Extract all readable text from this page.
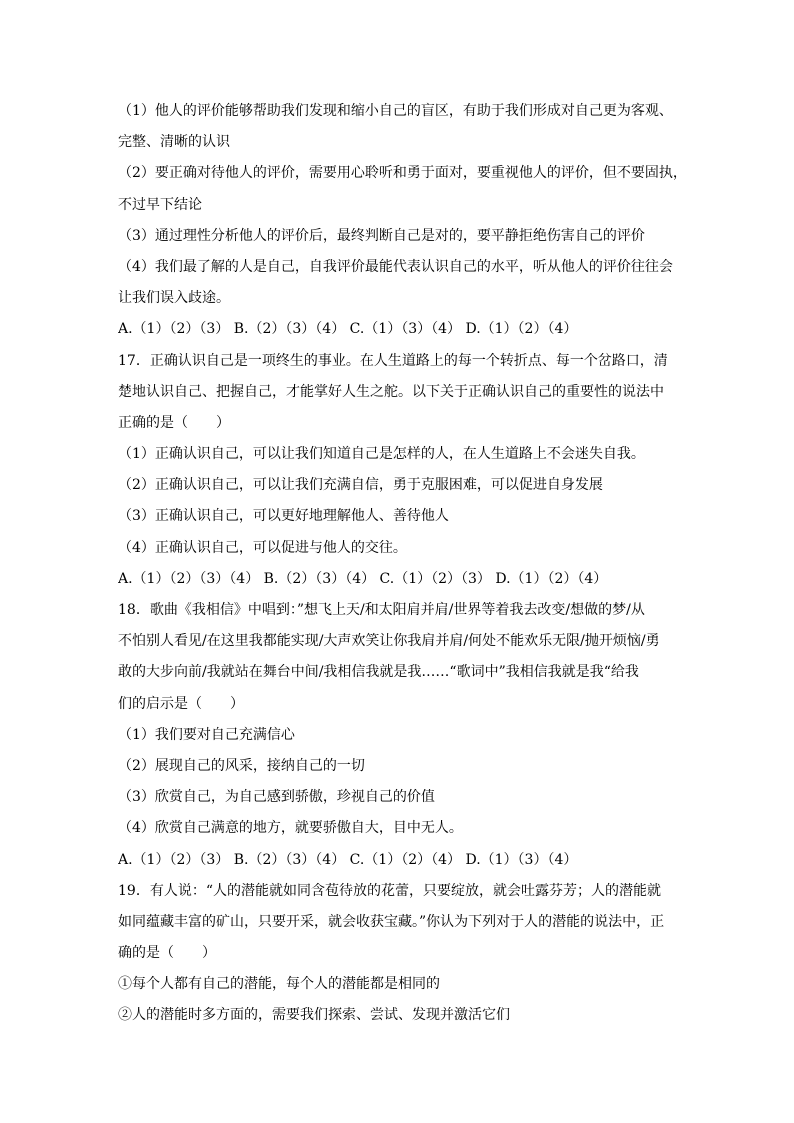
（1）他人的评价能够帮助我们发现和缩小自己的盲区，有助于我们形成对自己更为客观、
完整、清晰的认识
（2）要正确对待他人的评价，需要用心聆听和勇于面对，要重视他人的评价，但不要固执，
不过早下结论
（3）通过理性分析他人的评价后，最终判断自己是对的，要平静拒绝伤害自己的评价
（4）我们最了解的人是自己，自我评价最能代表认识自己的水平，听从他人的评价往往会
让我们误入歧途。
A.（1）（2）（3） B.（2）（3）（4） C.（1）（3）（4） D.（1）（2）（4）
17．正确认识自己是一项终生的事业。在人生道路上的每一个转折点、每一个岔路口，清
楚地认识自己、把握自己，才能掌好人生之舵。以下关于正确认识自己的重要性的说法中
正确的是（　　）
（1）正确认识自己，可以让我们知道自己是怎样的人，在人生道路上不会迷失自我。
（2）正确认识自己，可以让我们充满自信，勇于克服困难，可以促进自身发展
（3）正确认识自己，可以更好地理解他人、善待他人
（4）正确认识自己，可以促进与他人的交往。
A.（1）（2）（3）（4） B.（2）（3）（4） C.（1）（2）（3） D.（1）（2）（4）
18．歌曲《我相信》中唱到：”想飞上天/和太阳肩并肩/世界等着我去改变/想做的梦/从
不怕别人看见/在这里我都能实现/大声欢笑让你我肩并肩/何处不能欢乐无限/抛开烦恼/勇
敢的大步向前/我就站在舞台中间/我相信我就是我……“歌词中”我相信我就是我“给我
们的启示是（　　）
（1）我们要对自己充满信心
（2）展现自己的风采，接纳自己的一切
（3）欣赏自己，为自己感到骄傲，珍视自己的价值
（4）欣赏自己满意的地方，就要骄傲自大，目中无人。
A.（1）（2）（3） B.（2）（3）（4） C.（1）（2）（4） D.（1）（3）（4）
19．有人说：“人的潜能就如同含苞待放的花蕾，只要绽放，就会吐露芬芳；人的潜能就
如同蕴藏丰富的矿山，只要开采，就会收获宝藏。”你认为下列对于人的潜能的说法中，正
确的是（　　）
①每个人都有自己的潜能，每个人的潜能都是相同的
②人的潜能时多方面的，需要我们探索、尝试、发现并激活它们
